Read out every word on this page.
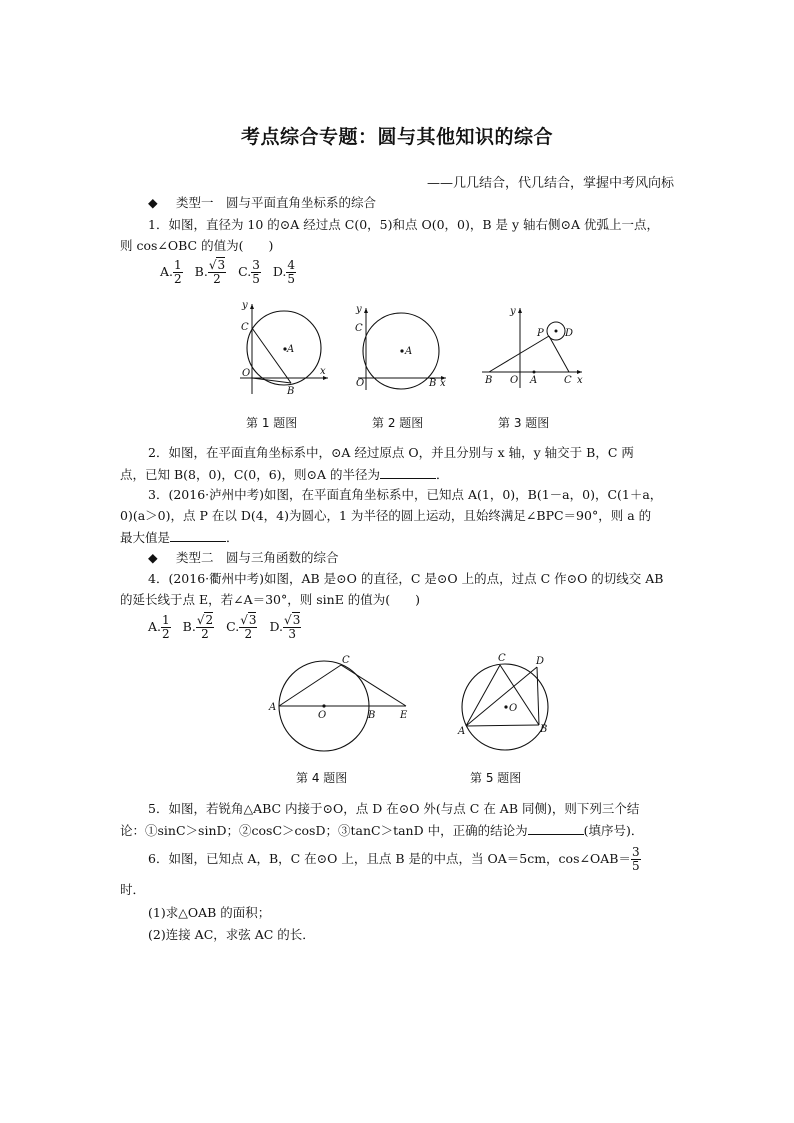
考点综合专题：圆与其他知识的综合
——几几结合，代几结合，掌握中考风向标
◆ 类型一　圆与平面直角坐标系的综合
1．如图，直径为 10 的⊙A 经过点 C(0，5)和点 O(0，0)，B 是 y 轴右侧⊙A 优弧上一点，
则 cos∠OBC 的值为(　　)
A. $\frac{1}{2} B$. $\frac{√3}{2} C$. $\frac{3}{5} D$. $\frac{4}{5}$
y
C
A
O
B
x
y
C
A
O	B x
y
P D
B O A	C x
第 1 题图	第 2 题图	第 3 题图
2．如图，在平面直角坐标系中，⊙A 经过原点 O，并且分别与 x 轴，y 轴交于 B，C 两
点，已知 B(8，0)，C(0，6)，则⊙A 的半径为	．
3．(2016·泸州中考)如图，在平面直角坐标系中，已知点 A(1，0)，B(1－a，0)，C(1＋a，
0)(a＞0)，点 P 在以 D(4，4)为圆心，1 为半径的圆上运动，且始终满足∠BPC＝90°，则 a 的
最大值是	．
◆ 类型二　圆与三角函数的综合
4．(2016·衢州中考)如图，AB 是⊙O 的直径，C 是⊙O 上的点，过点 C 作⊙O 的切线交 AB
的延长线于点 E，若∠A＝30°，则 sinE 的值为(　　)
A. $\frac{1}{2} B$. $\frac{√2}{2} C$. $\frac{√3}{2} D$. $\frac{√3}{3}$
A
C
O	B E
C	D
O
A	B
第 4 题图	第 5 题图
5．如图，若锐角△ABC 内接于⊙O，点 D 在⊙O 外(与点 C 在 AB 同侧)，则下列三个结
论：①sinC＞sinD；②cosC＞cosD；③tanC＞tanD 中，正确的结论为	(填序号)．
6．如图，已知点 A，B，C 在⊙O 上，且点 B 是的中点，当 OA＝5cm，cos∠OAB＝ $\frac{3}{5}$
时．
(1)求△OAB 的面积；
(2)连接 AC，求弦 AC 的长．
